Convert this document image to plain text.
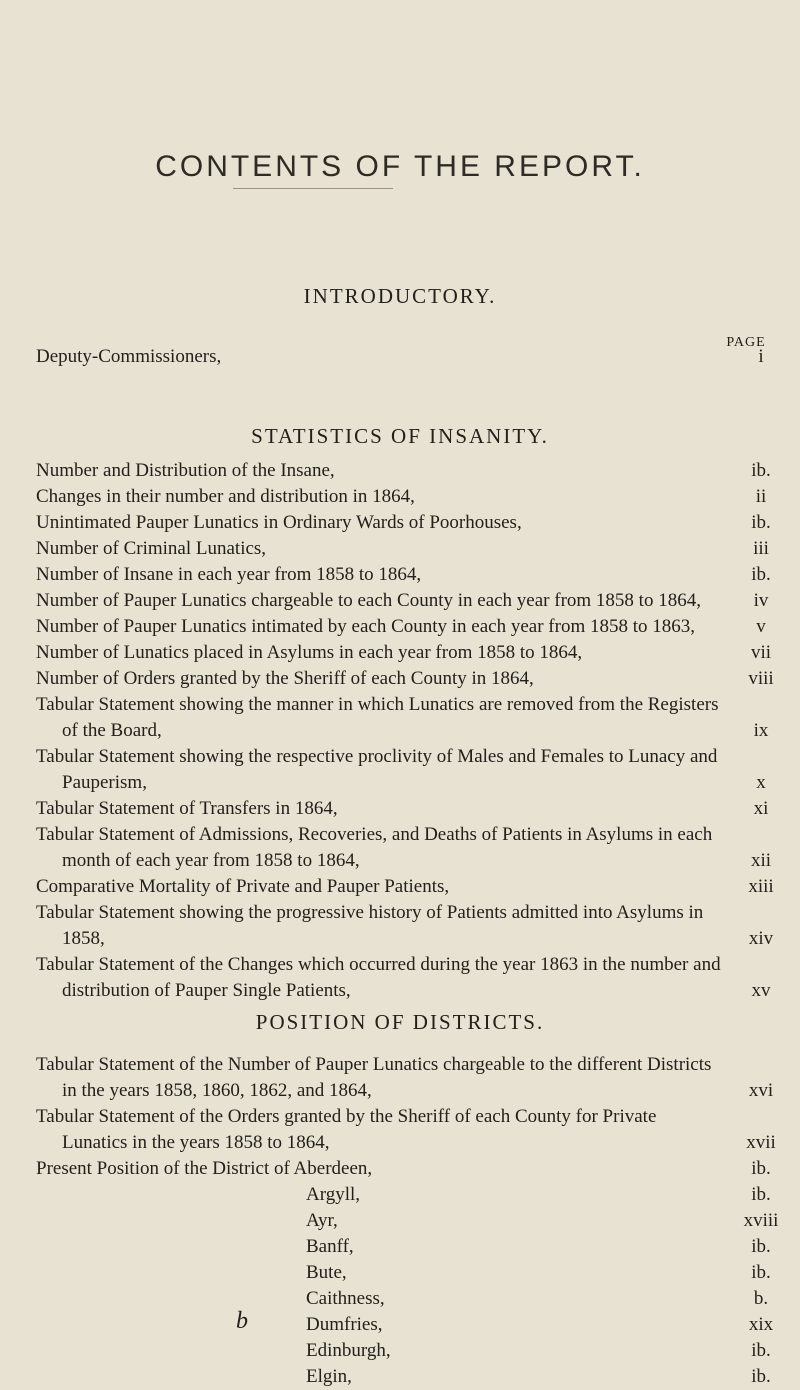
CONTENTS OF THE REPORT.
PAGE
INTRODUCTORY.
Deputy-Commissioners,	i
STATISTICS OF INSANITY.
Number and Distribution of the Insane,	ib.
Changes in their number and distribution in 1864,	ii
Unintimated Pauper Lunatics in Ordinary Wards of Poorhouses,	ib.
Number of Criminal Lunatics,	iii
Number of Insane in each year from 1858 to 1864,	ib.
Number of Pauper Lunatics chargeable to each County in each year from 1858 to 1864,	iv
Number of Pauper Lunatics intimated by each County in each year from 1858 to 1863,	v
Number of Lunatics placed in Asylums in each year from 1858 to 1864,	vii
Number of Orders granted by the Sheriff of each County in 1864,	viii
Tabular Statement showing the manner in which Lunatics are removed from the Registers of the Board,	ix
Tabular Statement showing the respective proclivity of Males and Females to Lunacy and Pauperism,	x
Tabular Statement of Transfers in 1864,	xi
Tabular Statement of Admissions, Recoveries, and Deaths of Patients in Asylums in each month of each year from 1858 to 1864,	xii
Comparative Mortality of Private and Pauper Patients,	xiii
Tabular Statement showing the progressive history of Patients admitted into Asylums in 1858,	xiv
Tabular Statement of the Changes which occurred during the year 1863 in the number and distribution of Pauper Single Patients,	xv
POSITION OF DISTRICTS.
Tabular Statement of the Number of Pauper Lunatics chargeable to the different Districts in the years 1858, 1860, 1862, and 1864,	xvi
Tabular Statement of the Orders granted by the Sheriff of each County for Private Lunatics in the years 1858 to 1864,	xvii
Present Position of the District of Aberdeen,	ib.
Argyll,	ib.
Ayr,	xviii
Banff,	ib.
Bute,	ib.
Caithness,	b.
Dumfries,	xix
Edinburgh,	ib.
Elgin,	ib.
b
